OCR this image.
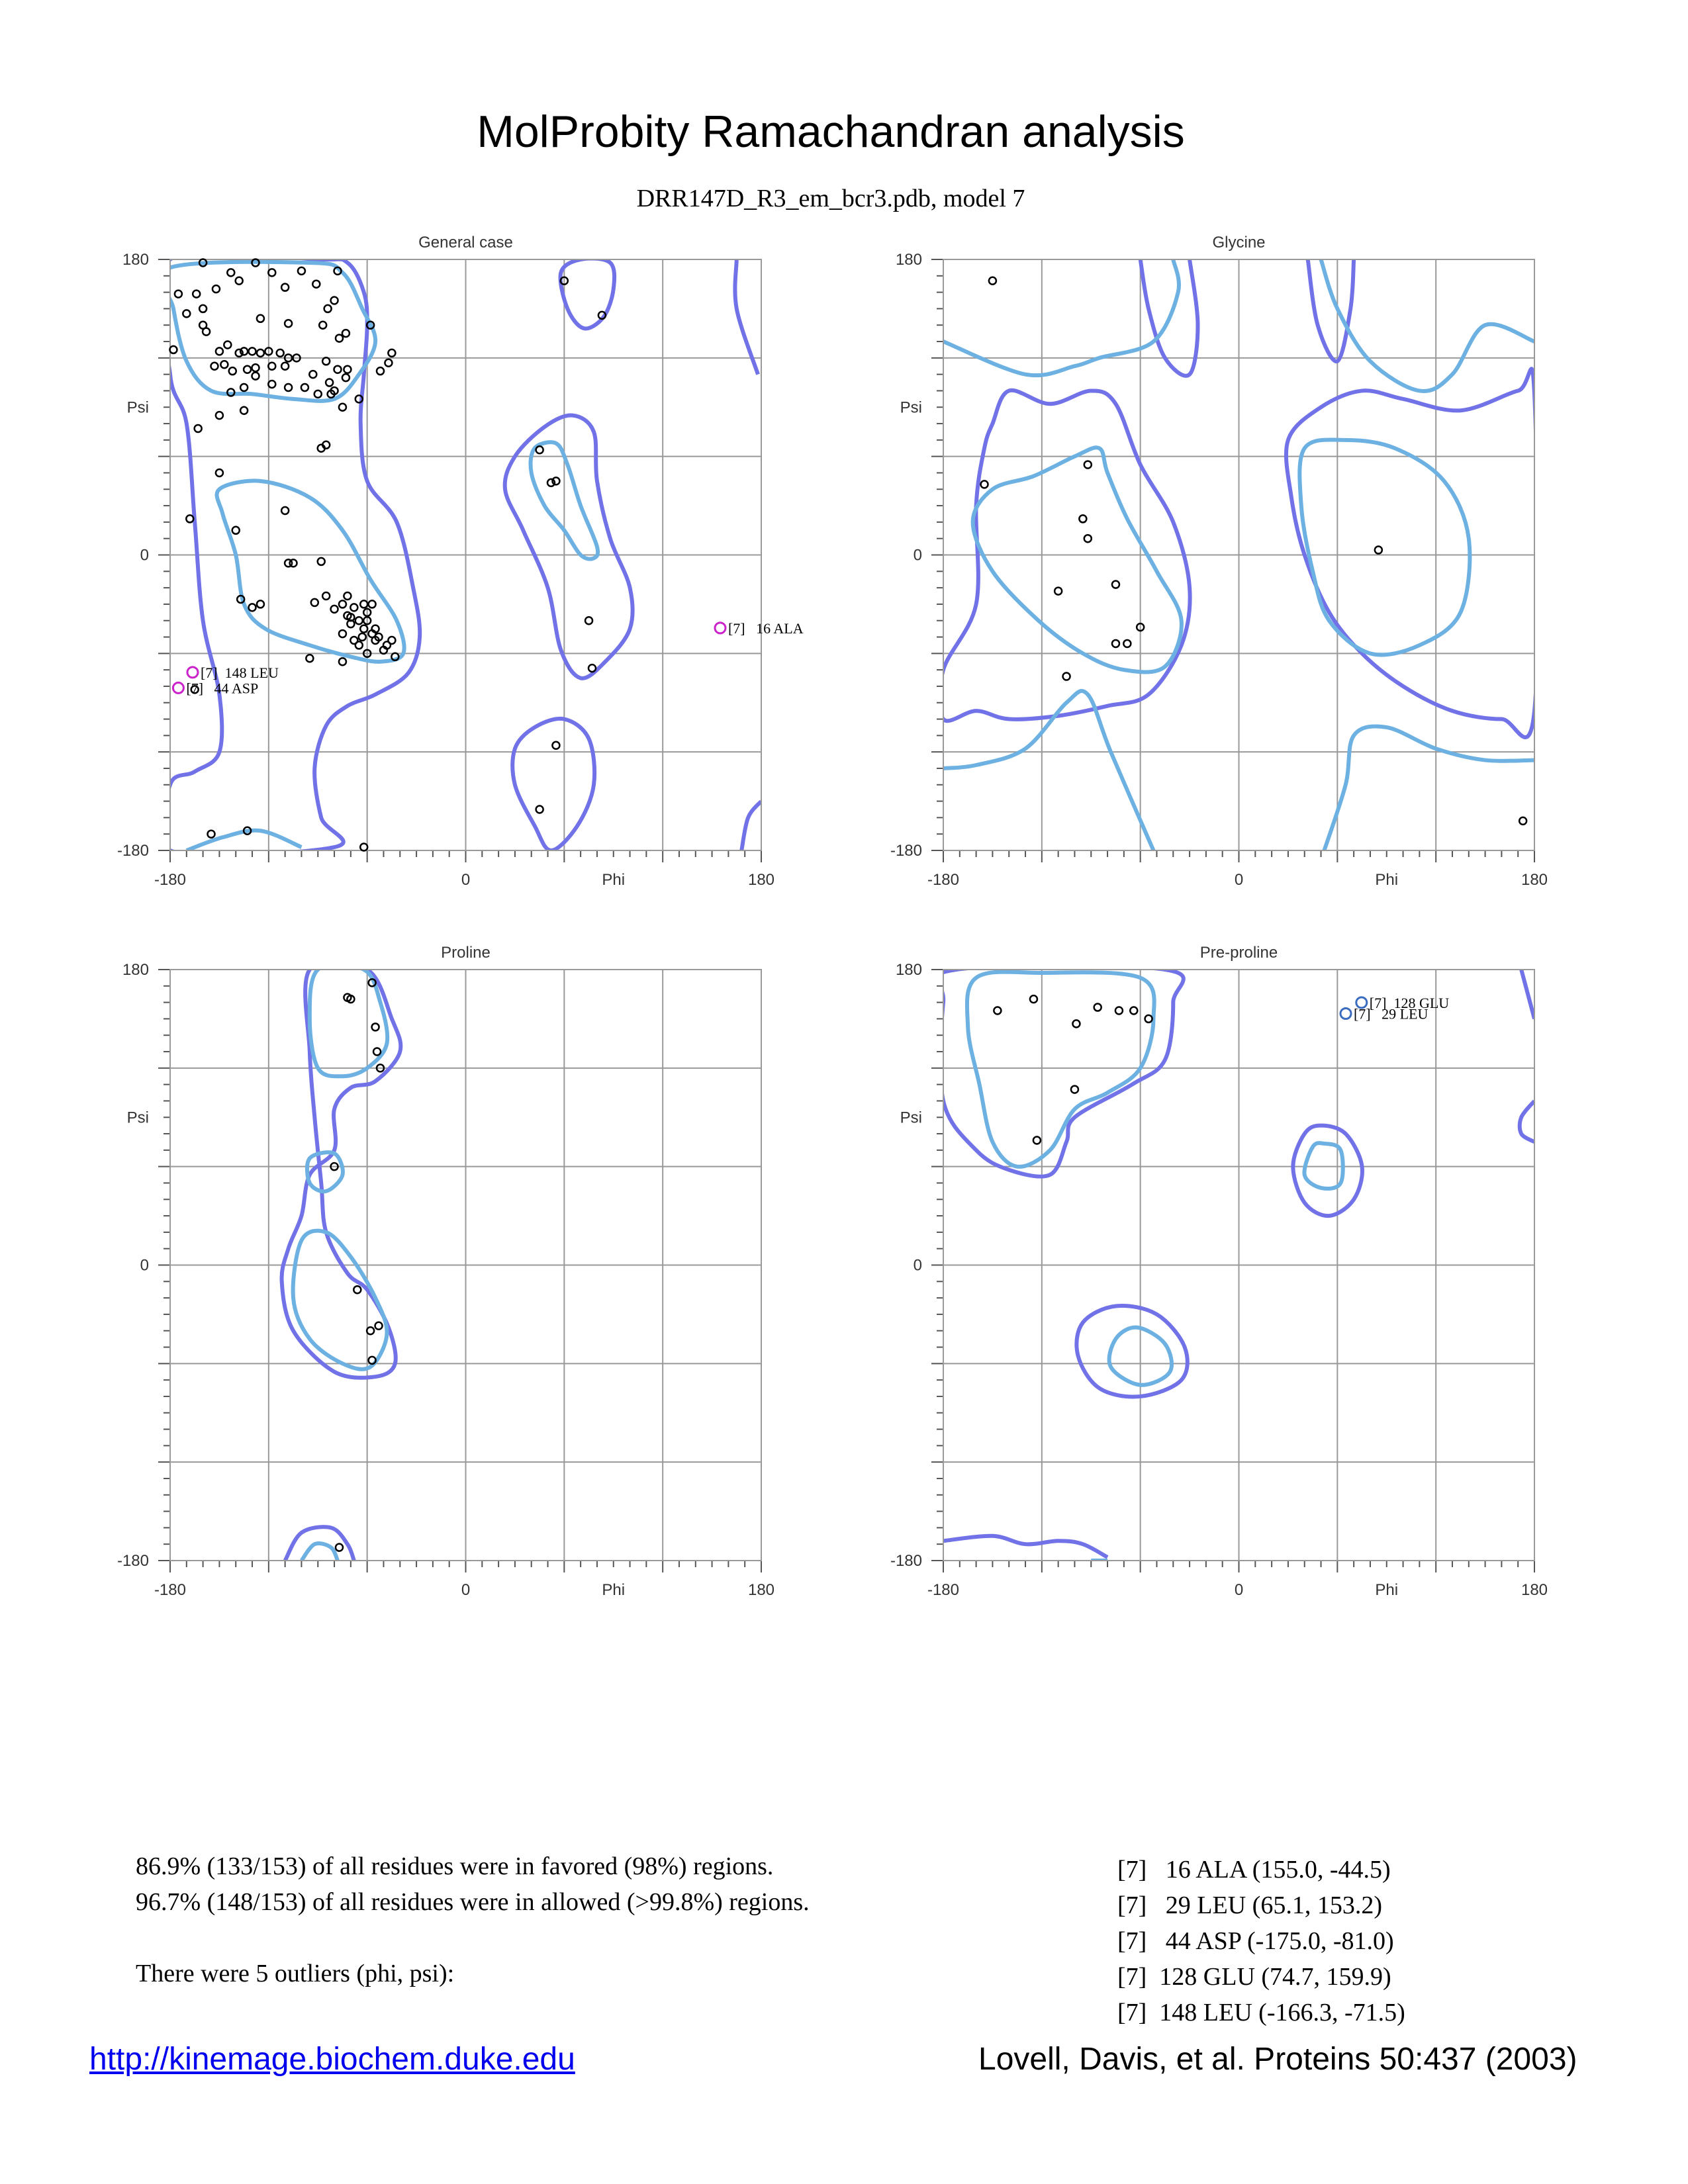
MolProbity Ramachandran analysis
DRR147D_R3_em_bcr3.pdb, model 7
General case
-180	0	180
180
0
-180
Phi
Psi
[7]   16 ALA
[7]  148 LEU
[7]   44 ASP
Glycine
-180	0	180
180
0
-180
Phi
Psi
Proline
-180	0	180
180
0
-180
Phi
Psi
Pre-proline
-180	0	180
180
0
-180
Phi
Psi
[7]  128 GLU
[7]   29 LEU
86.9% (133/153) of all residues were in favored (98%) regions.
96.7% (148/153) of all residues were in allowed (>99.8%) regions.
There were 5 outliers (phi, psi):
[7]   16 ALA (155.0, -44.5)
[7]   29 LEU (65.1, 153.2)
[7]   44 ASP (-175.0, -81.0)
[7]  128 GLU (74.7, 159.9)
[7]  148 LEU (-166.3, -71.5)
http://kinemage.biochem.duke.edu	Lovell, Davis, et al. Proteins 50:437 (2003)
